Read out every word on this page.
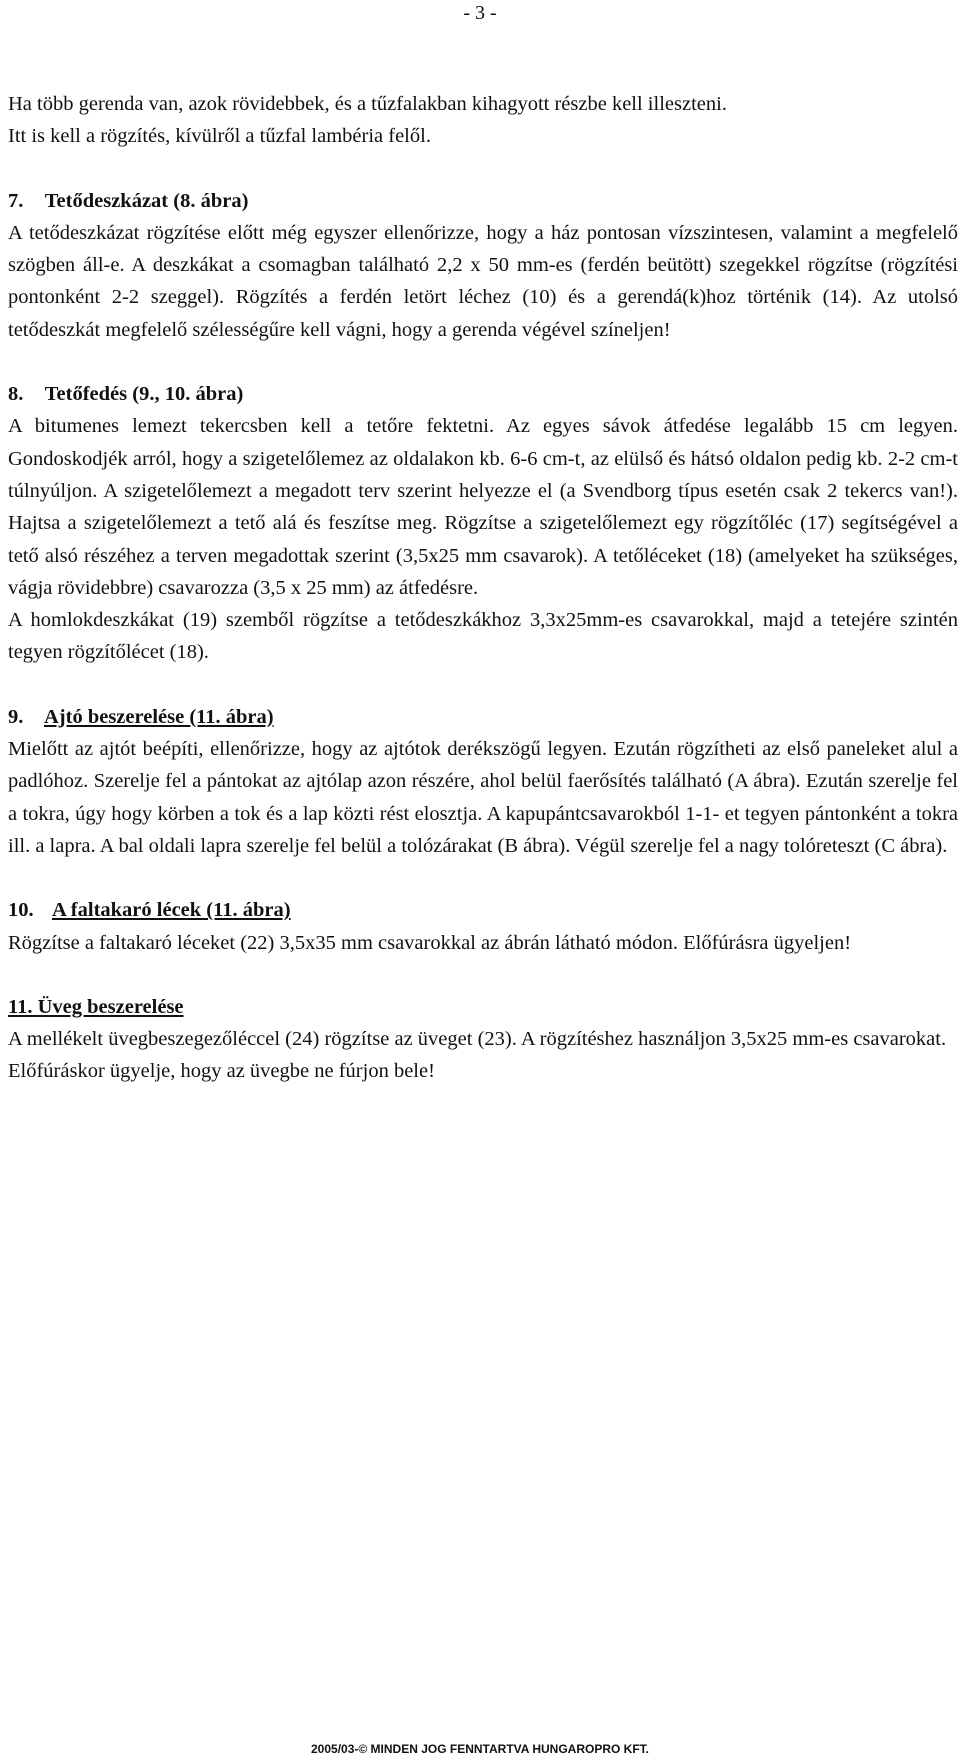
- 3 -

Ha több gerenda van, azok rövidebbek, és a tűzfalakban kihagyott részbe kell illeszteni.

Itt is kell a rögzítés, kívülről a tűzfal lambéria felől.

7. Tetődeszkázat (8. ábra)

A tetődeszkázat rögzítése előtt még egyszer ellenőrizze, hogy a ház pontosan vízszintesen, valamint a megfelelő szögben áll-e. A deszkákat a csomagban található 2,2 x 50 mm-es (ferdén beütött) szegekkel rögzítse (rögzítési pontonként 2-2 szeggel). Rögzítés a ferdén letört léchez (10) és a gerendá(k)hoz történik (14). Az utolsó tetődeszkát megfelelő szélességűre kell vágni, hogy a gerenda végével színeljen!

8. Tetőfedés (9., 10. ábra)

A bitumenes lemezt tekercsben kell a tetőre fektetni. Az egyes sávok átfedése legalább 15 cm legyen. Gondoskodjék arról, hogy a szigetelőlemez az oldalakon kb. 6-6 cm-t, az elülső és hátsó oldalon pedig kb. 2-2 cm-t túlnyúljon. A szigetelőlemezt a megadott terv szerint helyezze el (a Svendborg típus esetén csak 2 tekercs van!). Hajtsa a szigetelőlemezt a tető alá és feszítse meg. Rögzítse a szigetelőlemezt egy rögzítőléc (17) segítségével a tető alsó részéhez a terven megadottak szerint (3,5x25 mm csavarok). A tetőléceket (18) (amelyeket ha szükséges, vágja rövidebbre) csavarozza (3,5 x 25 mm) az átfedésre.

A homlokdeszkákat (19) szemből rögzítse a tetődeszkákhoz 3,3x25mm-es csavarokkal, majd a tetejére szintén tegyen rögzítőlécet (18).

9. Ajtó beszerelése (11. ábra)

Mielőtt az ajtót beépíti, ellenőrizze, hogy az ajtótok derékszögű legyen. Ezután rögzítheti az első paneleket alul a padlóhoz. Szerelje fel a pántokat az ajtólap azon részére, ahol belül faerősítés található (A ábra). Ezután szerelje fel a tokra, úgy hogy körben a tok és a lap közti rést elosztja. A kapupántcsavarokból 1-1- et tegyen pántonként a tokra ill. a lapra. A bal oldali lapra szerelje fel belül a tolózárakat (B ábra). Végül szerelje fel a nagy tolóreteszt (C ábra).

10. A faltakaró lécek (11. ábra)

Rögzítse a faltakaró léceket (22) 3,5x35 mm csavarokkal az ábrán látható módon. Előfúrásra ügyeljen!

11. Üveg beszerelése

A mellékelt üvegbeszegezőléccel (24) rögzítse az üveget (23). A rögzítéshez használjon 3,5x25 mm-es csavarokat.

Előfúráskor ügyelje, hogy az üvegbe ne fúrjon bele!

2005/03-© MINDEN JOG FENNTARTVA HUNGAROPRO KFT.
